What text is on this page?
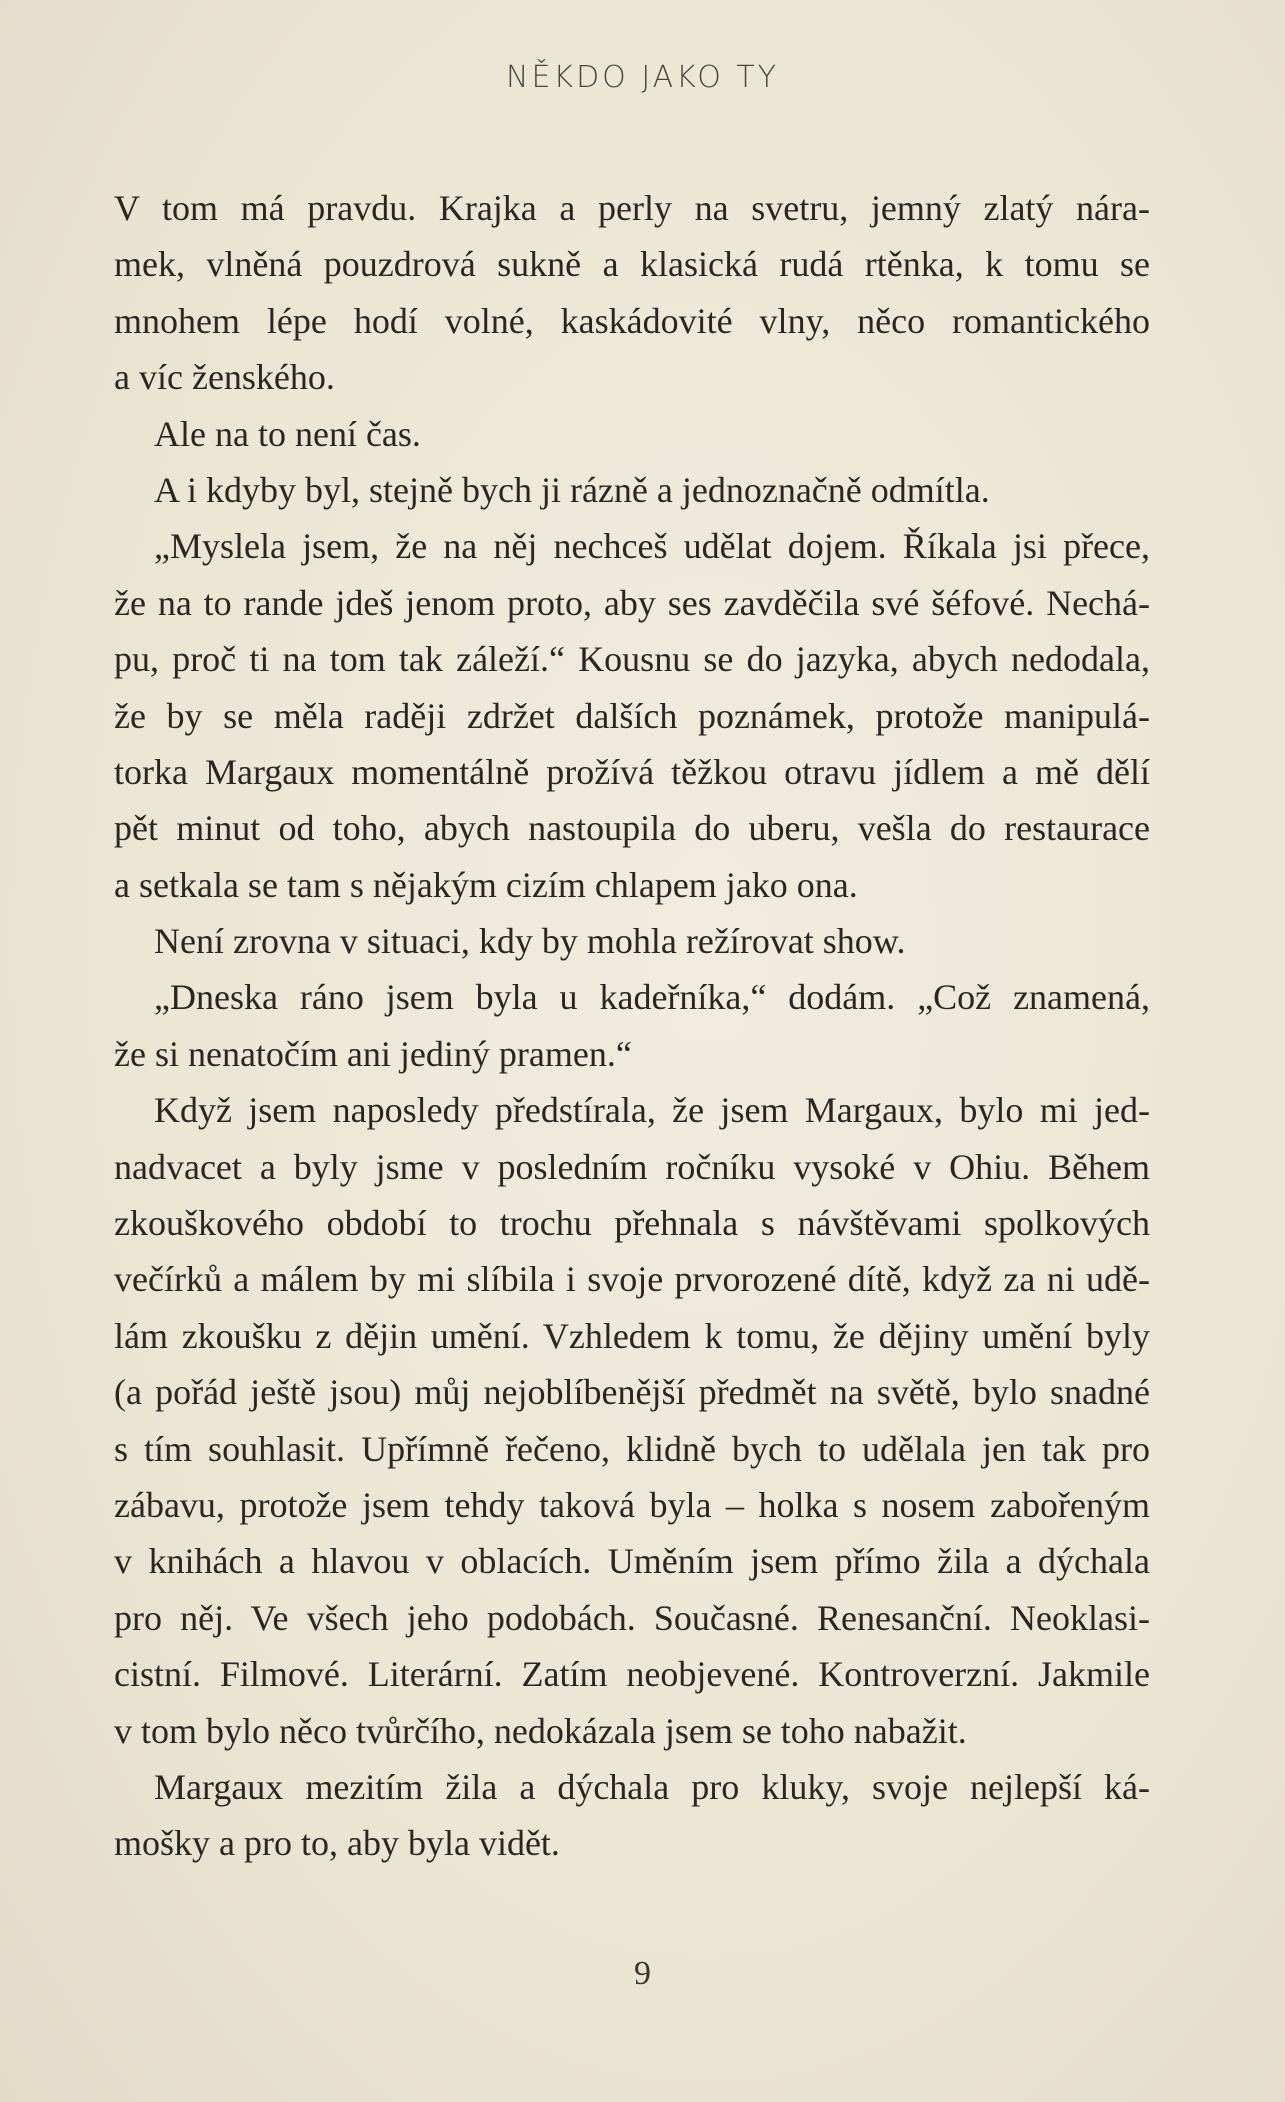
NĚKDO JAKO TY
V tom má pravdu. Krajka a perly na svetru, jemný zlatý nára-
mek, vlněná pouzdrová sukně a klasická rudá rtěnka, k tomu se
mnohem lépe hodí volné, kaskádovité vlny, něco romantického
a víc ženského.
Ale na to není čas.
A i kdyby byl, stejně bych ji rázně a jednoznačně odmítla.
„Myslela jsem, že na něj nechceš udělat dojem. Říkala jsi přece,
že na to rande jdeš jenom proto, aby ses zavděčila své šéfové. Nechá-
pu, proč ti na tom tak záleží.“ Kousnu se do jazyka, abych nedodala,
že by se měla raději zdržet dalších poznámek, protože manipulá-
torka Margaux momentálně prožívá těžkou otravu jídlem a mě dělí
pět minut od toho, abych nastoupila do uberu, vešla do restaurace
a setkala se tam s nějakým cizím chlapem jako ona.
Není zrovna v situaci, kdy by mohla režírovat show.
„Dneska ráno jsem byla u kadeřníka,“ dodám. „Což znamená,
že si nenatočím ani jediný pramen.“
Když jsem naposledy předstírala, že jsem Margaux, bylo mi jed-
nadvacet a byly jsme v posledním ročníku vysoké v Ohiu. Během
zkouškového období to trochu přehnala s návštěvami spolkových
večírků a málem by mi slíbila i svoje prvorozené dítě, když za ni udě-
lám zkoušku z dějin umění. Vzhledem k tomu, že dějiny umění byly
(a pořád ještě jsou) můj nejoblíbenější předmět na světě, bylo snadné
s tím souhlasit. Upřímně řečeno, klidně bych to udělala jen tak pro
zábavu, protože jsem tehdy taková byla – holka s nosem zabořeným
v knihách a hlavou v oblacích. Uměním jsem přímo žila a dýchala
pro něj. Ve všech jeho podobách. Současné. Renesanční. Neoklasi-
cistní. Filmové. Literární. Zatím neobjevené. Kontroverzní. Jakmile
v tom bylo něco tvůrčího, nedokázala jsem se toho nabažit.
Margaux mezitím žila a dýchala pro kluky, svoje nejlepší ká-
mošky a pro to, aby byla vidět.
9
